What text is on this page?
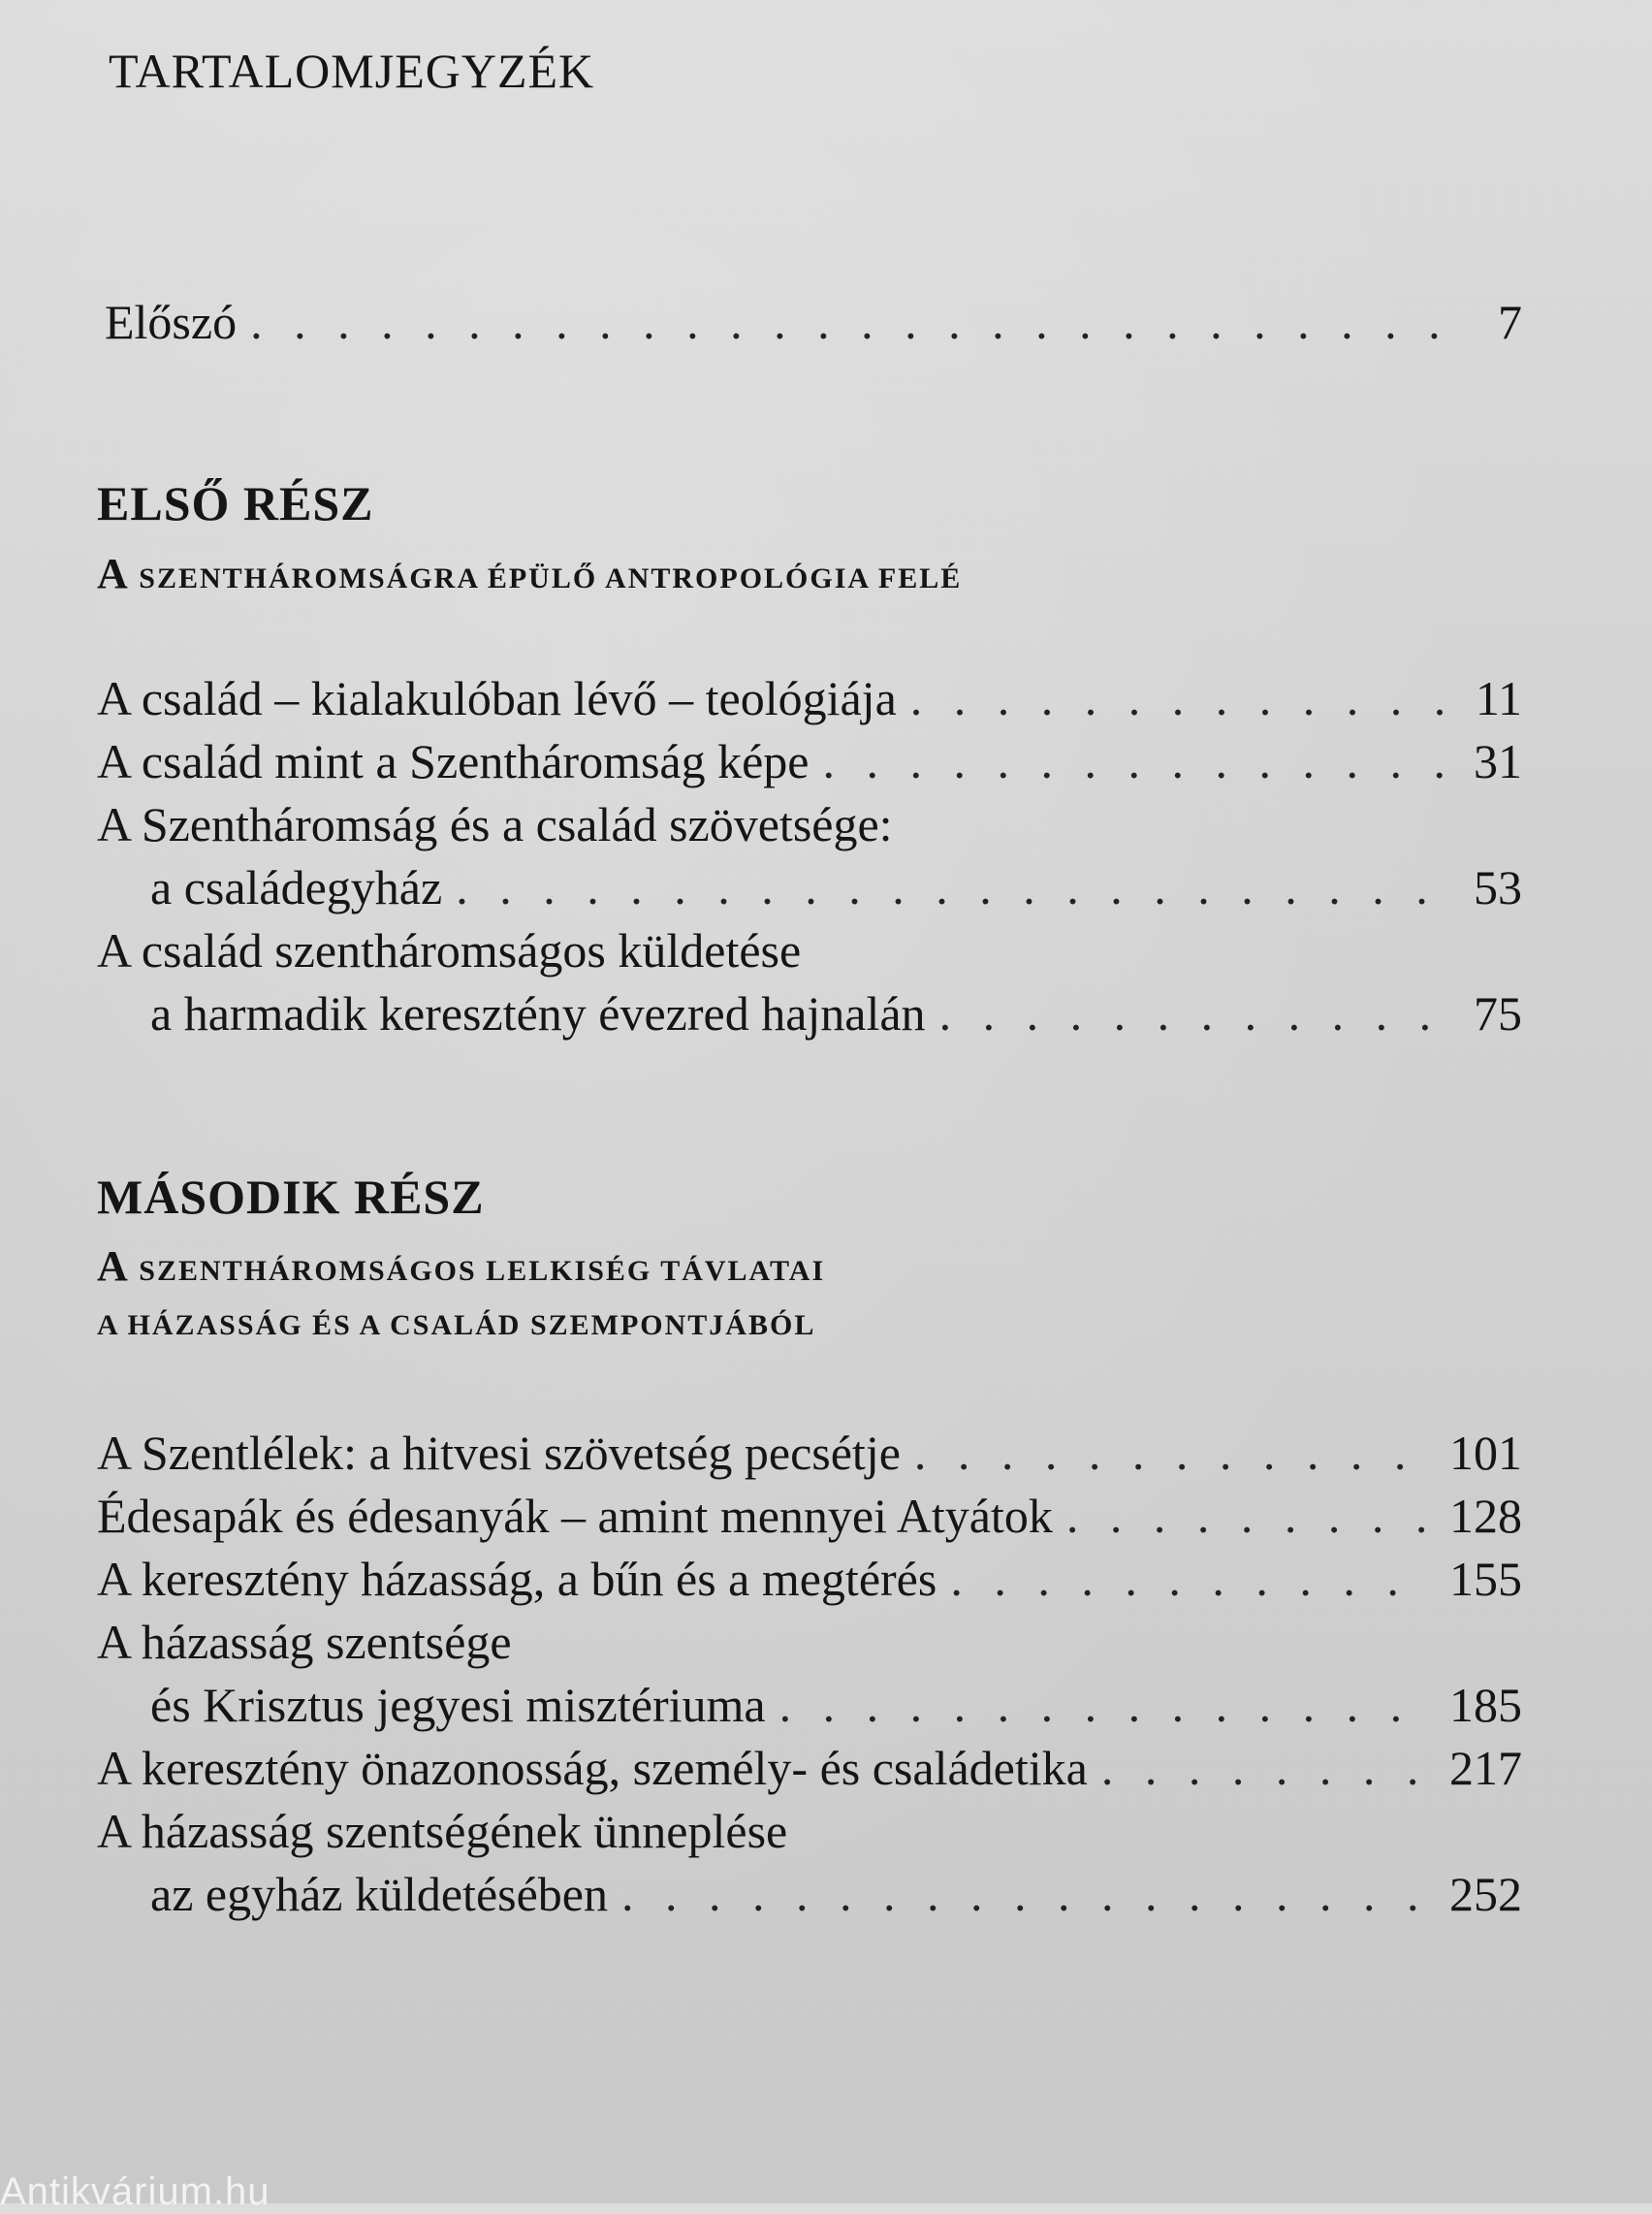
TARTALOMJEGYZÉK
Előszó . . .	7
ELSŐ RÉSZ
A SZENTHÁROMSÁGRA ÉPÜLŐ ANTROPOLÓGIA FELÉ
A család – kialakulóban lévő – teológiája . . .	11
A család mint a Szentháromság képe . . .	31
A Szentháromság és a család szövetsége:
a családegyház . . .	53
A család szentháromságos küldetése
a harmadik keresztény évezred hajnalán . . .	75
MÁSODIK RÉSZ
A SZENTHÁROMSÁGOS LELKISÉG TÁVLATAI
A HÁZASSÁG ÉS A CSALÁD SZEMPONTJÁBÓL
A Szentlélek: a hitvesi szövetség pecsétje . . .	101
Édesapák és édesanyák – amint mennyei Atyátok . . .	128
A keresztény házasság, a bűn és a megtérés . . .	155
A házasság szentsége
és Krisztus jegyesi misztériuma . . .	185
A keresztény önazonosság, személy- és családetika . . .	217
A házasság szentségének ünneplése
az egyház küldetésében . . .	252
Antikvárium.hu
